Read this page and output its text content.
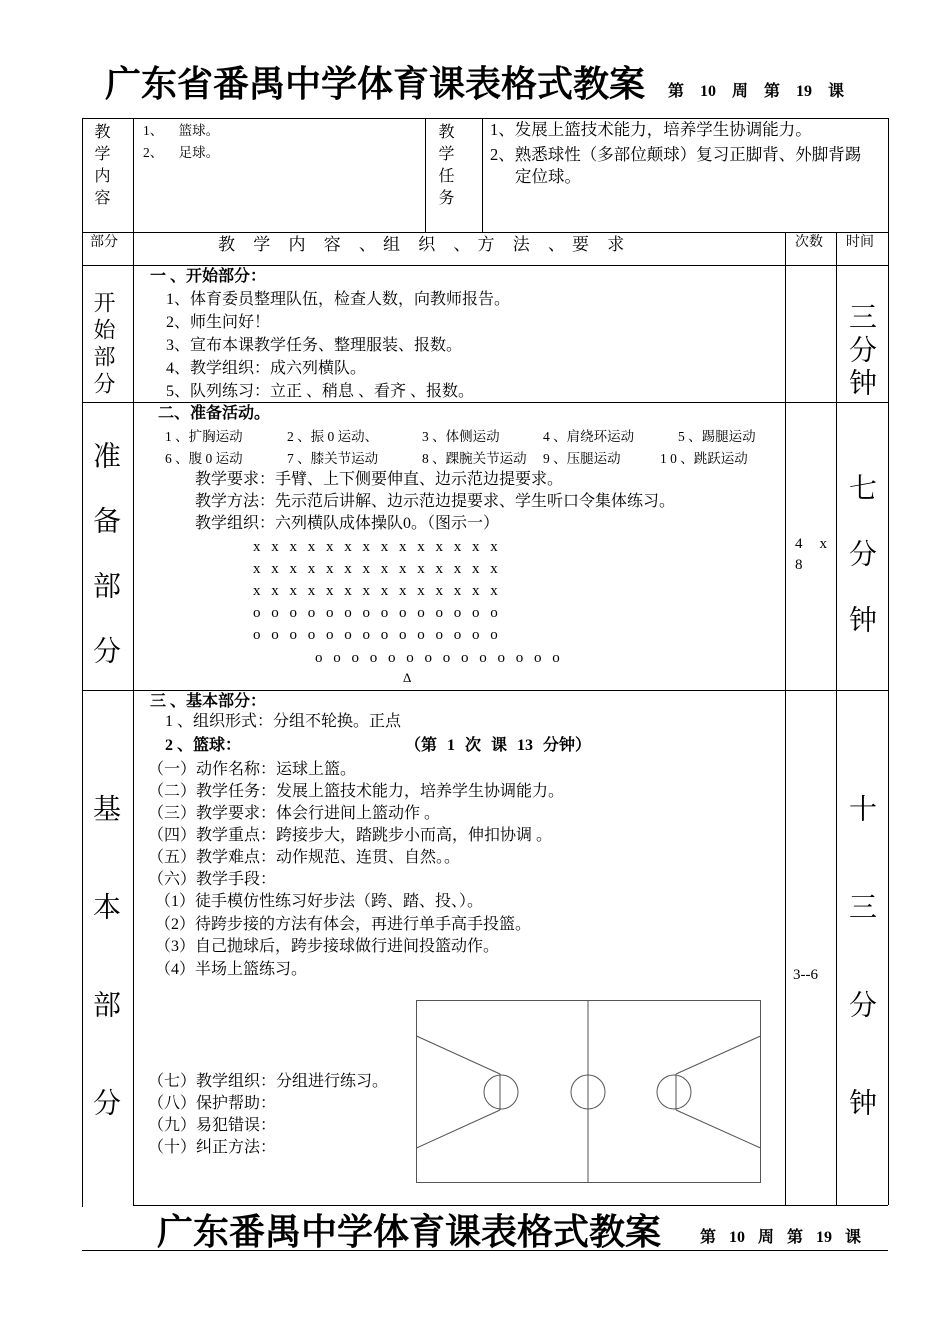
广东省番禺中学体育课表格式教案 第 10 周 第 19 课
教学内容	1、 篮球。
2、 足球。	教学任务 1、发展上篮技术能力，培养学生协调能力。
2、熟悉球性（多部位颠球）复习正脚背、外脚背踢定位球。
部分	教 学 内 容 、组 织 、方 法 、要 求	次数 时间
开始部分
一 、开始部分：
1、体育委员整理队伍，检查人数，向教师报告。
2、师生问好！
3、宣布本课教学任务、整理服装、报数。
4、教学组织：成六列横队。
5、队列练习：立正 、稍息 、看齐 、报数。	三分钟
准备部分
二、准备活动。
1 、扩胸运动	2 、振 0 运动、	3 、体侧运动	4 、肩绕环运动	5 、踢腿运动
6 、腹 0 运动	7 、膝关节运动	8 、踝腕关节运动 9 、压腿运动	1 0 、跳跃运动
教学要求：手臂、上下侧要伸直、边示范边提要求。
教学方法：先示范后讲解、边示范边提要求、学生听口令集体练习。
教学组织：六列横队成体操队0。（图示一）
x x x x x x x x x x x x x x
x x x x x x x x x x x x x x
x x x x x x x x x x x x x x
o o o o o o o o o o o o o o
o o o o o o o o o o o o o o
o o o o o o o o o o o o o o
Δ
4 x 8	七分钟
基本部分
三 、基本部分：
1 、组织形式：分组不轮换。正点
2 、篮球：	（第 1 次 课 13 分钟）
（一）动作名称：运球上篮。
（二）教学任务：发展上篮技术能力，培养学生协调能力。
（三）教学要求：体会行进间上篮动作 。
（四）教学重点：跨接步大，踏跳步小而高，伸扣协调 。
（五）教学难点：动作规范、连贯、自然。。
（六）教学手段：
（1）徒手模仿性练习好步法（跨、踏、投、）。
（2）待跨步接的方法有体会，再进行单手高手投篮。
（3）自己抛球后，跨步接球做行进间投篮动作。
（4）半场上篮练习。
（七）教学组织：分组进行练习。
（八）保护帮助：
（九）易犯错误：
（十）纠正方法：
3--6 十三分钟
广东番禺中学体育课表格式教案 第 10 周 第 19 课
